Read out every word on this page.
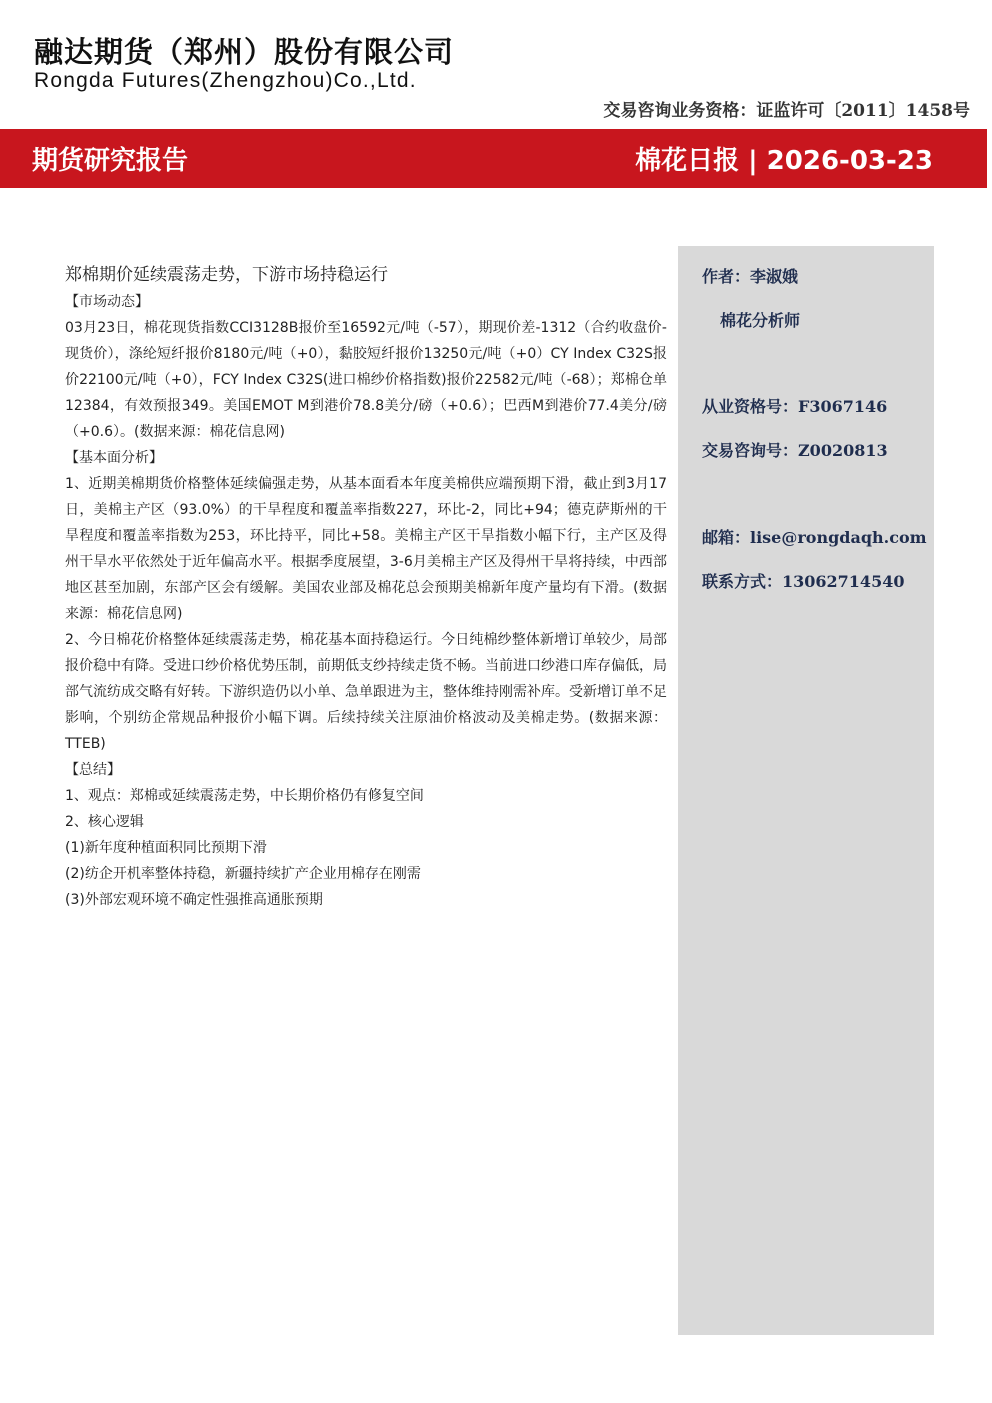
融达期货（郑州）股份有限公司
Rongda Futures(Zhengzhou)Co.,Ltd.
交易咨询业务资格：证监许可〔2011〕1458号
期货研究报告	棉花日报 | 2026-03-23
郑棉期价延续震荡走势，下游市场持稳运行
【市场动态】

03月23日，棉花现货指数CCI3128B报价至16592元/吨（-57），期现价差-1312（合约收盘价-现货价），涤纶短纤报价8180元/吨（+0），黏胶短纤报价13250元/吨（+0）CY Index C32S报价22100元/吨（+0），FCY Index C32S(进口棉纱价格指数)报价22582元/吨（-68）；郑棉仓单12384，有效预报349。美国EMOT M到港价78.8美分/磅（+0.6）；巴西M到港价77.4美分/磅（+0.6）。(数据来源：棉花信息网)

【基本面分析】

1、近期美棉期货价格整体延续偏强走势，从基本面看本年度美棉供应端预期下滑，截止到3月17日，美棉主产区（93.0%）的干旱程度和覆盖率指数227，环比-2，同比+94；德克萨斯州的干旱程度和覆盖率指数为253，环比持平，同比+58。美棉主产区干旱指数小幅下行，主产区及得州干旱水平依然处于近年偏高水平。根据季度展望，3-6月美棉主产区及得州干旱将持续，中西部地区甚至加剧，东部产区会有缓解。美国农业部及棉花总会预期美棉新年度产量均有下滑。(数据来源：棉花信息网)

2、今日棉花价格整体延续震荡走势，棉花基本面持稳运行。今日纯棉纱整体新增订单较少，局部报价稳中有降。受进口纱价格优势压制，前期低支纱持续走货不畅。当前进口纱港口库存偏低，局部气流纺成交略有好转。下游织造仍以小单、急单跟进为主，整体维持刚需补库。受新增订单不足影响，个别纺企常规品种报价小幅下调。后续持续关注原油价格波动及美棉走势。(数据来源：TTEB)

【总结】

1、观点：郑棉或延续震荡走势，中长期价格仍有修复空间

2、核心逻辑

(1)新年度种植面积同比预期下滑

(2)纺企开机率整体持稳，新疆持续扩产企业用棉存在刚需

(3)外部宏观环境不确定性强推高通胀预期

作者：李淑娥
棉花分析师
从业资格号：F3067146
交易咨询号：Z0020813
邮箱：lise@rongdaqh.com
联系方式：13062714540
